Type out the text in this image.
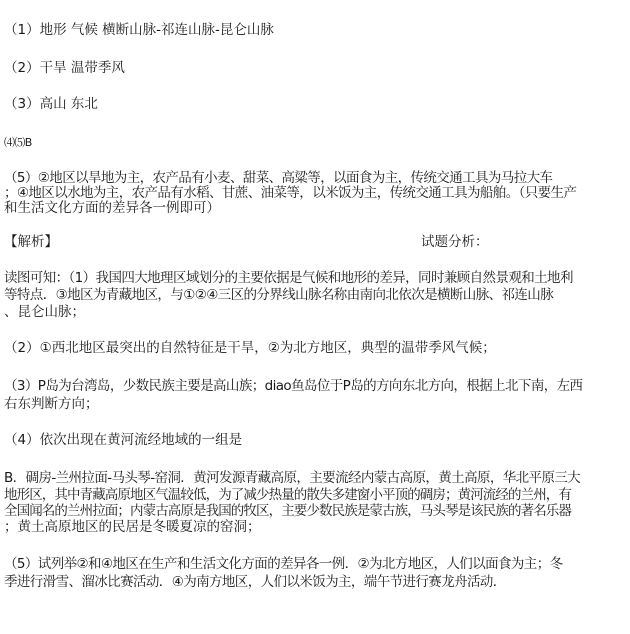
（1）地形 气候 横断山脉-祁连山脉-昆仑山脉
（2）干旱 温带季风
（3）高山 东北
⑷⑸B
（5）②地区以旱地为主，农产品有小麦、甜菜、高粱等，以面食为主，传统交通工具为马拉大车
；④地区以水地为主，农产品有水稻、甘蔗、油菜等，以米饭为主，传统交通工具为船舶。（只要生产
和生活文化方面的差异各一例即可）
【解析】	试题分析：
读图可知：（1）我国四大地理区域划分的主要依据是气候和地形的差异，同时兼顾自然景观和土地利
等特点．③地区为青藏地区，与①②④三区的分界线山脉名称由南向北依次是横断山脉、祁连山脉
、昆仑山脉；
（2）①西北地区最突出的自然特征是干旱，②为北方地区，典型的温带季风气候；
（3）P岛为台湾岛，少数民族主要是高山族；diao鱼岛位于P岛的方向东北方向，根据上北下南，左西
右东判断方向；
（4）依次出现在黄河流经地域的一组是
B．碉房-兰州拉面-马头琴-窑洞．黄河发源青藏高原，主要流经内蒙古高原，黄土高原，华北平原三大
地形区，其中青藏高原地区气温较低，为了减少热量的散失多建窗小平顶的碉房；黄河流经的兰州，有
全国闻名的兰州拉面；内蒙古高原是我国的牧区，主要少数民族是蒙古族，马头琴是该民族的著名乐器
；黄土高原地区的民居是冬暖夏凉的窑洞；
（5）试列举②和④地区在生产和生活文化方面的差异各一例．②为北方地区，人们以面食为主；冬
季进行滑雪、溜冰比赛活动．④为南方地区，人们以米饭为主，端午节进行赛龙舟活动．
